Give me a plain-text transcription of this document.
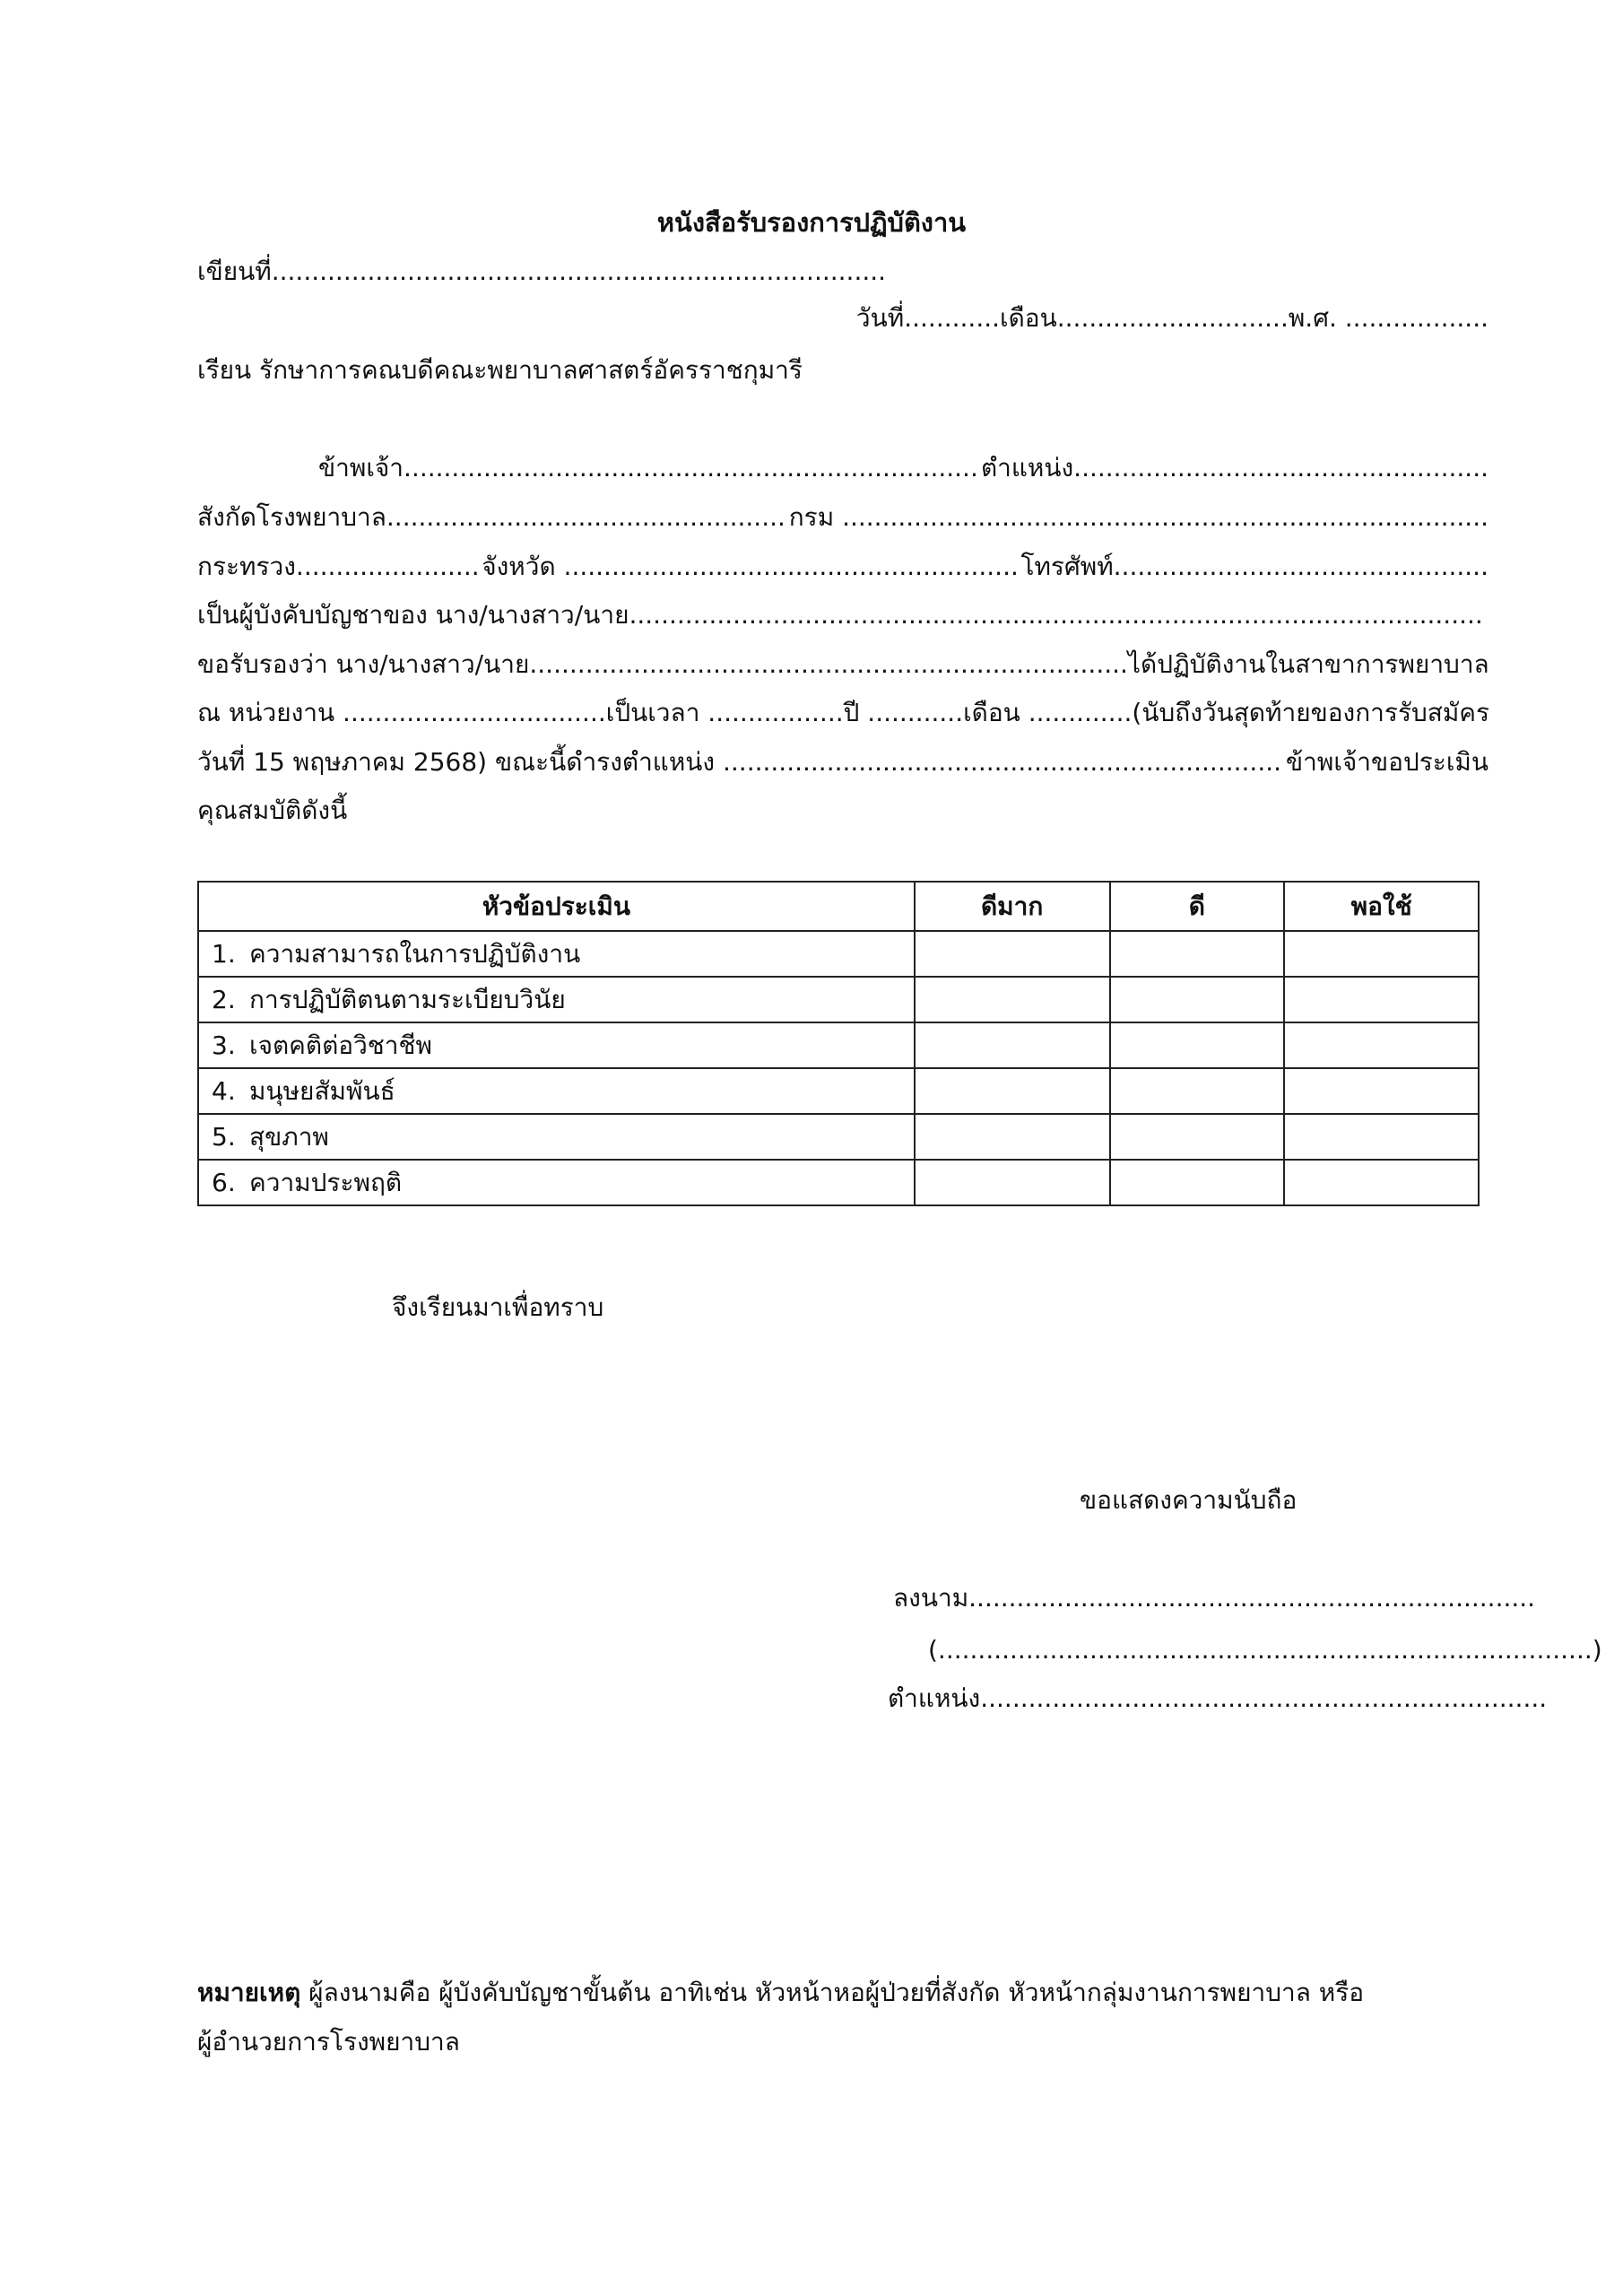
หนังสือรับรองการปฏิบัติงาน
เขียนที่.............................................................................
วันที่............เดือน.............................พ.ศ. ..................
เรียน รักษาการคณบดีคณะพยาบาลศาสตร์อัครราชกุมารี
ข้าพเจ้า........................................................................ ตำแหน่ง....................................................
สังกัดโรงพยาบาล.................................................. กรม .................................................................................
กระทรวง....................... จังหวัด ......................................................... โทรศัพท์...............................................
เป็นผู้บังคับบัญชาของ นาง/นางสาว/นาย...........................................................................................................
ขอรับรองว่า นาง/นางสาว/นาย........................................................................... ได้ปฏิบัติงานในสาขาการพยาบาล
ณ หน่วยงาน .................................เป็นเวลา .................ปี ............เดือน .............(นับถึงวันสุดท้ายของการรับสมัคร
วันที่ 15 พฤษภาคม 2568) ขณะนี้ดำรงตำแหน่ง ...................................................................... ข้าพเจ้าขอประเมิน
คุณสมบัติดังนี้
หัวข้อประเมิน	ดีมาก	ดี	พอใช้
1. ความสามารถในการปฏิบัติงาน			
2. การปฏิบัติตนตามระเบียบวินัย			
3. เจตคติต่อวิชาชีพ			
4. มนุษยสัมพันธ์			
5. สุขภาพ			
6. ความประพฤติ			
จึงเรียนมาเพื่อทราบ
ขอแสดงความนับถือ
ลงนาม.......................................................................
(..................................................................................)
ตำแหน่ง.......................................................................
หมายเหตุ ผู้ลงนามคือ ผู้บังคับบัญชาขั้นต้น อาทิเช่น หัวหน้าหอผู้ป่วยที่สังกัด หัวหน้ากลุ่มงานการพยาบาล หรือ
ผู้อำนวยการโรงพยาบาล
